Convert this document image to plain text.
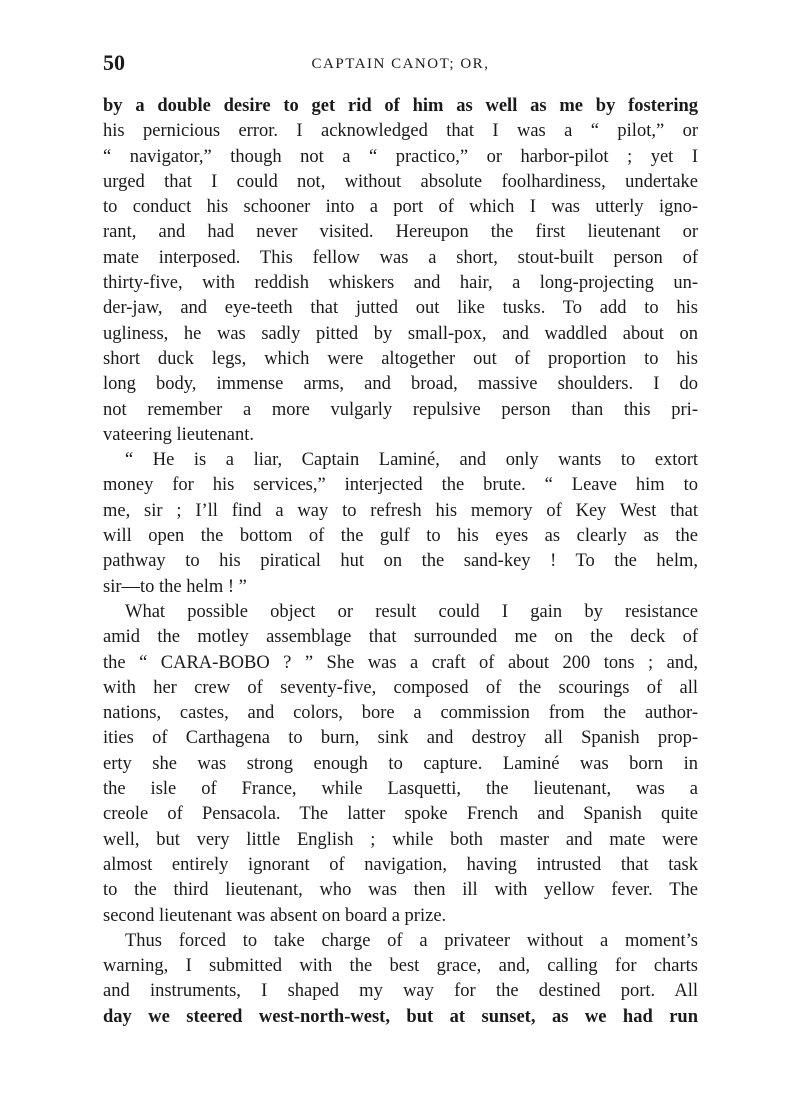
50	CAPTAIN CANOT; OR,
by a double desire to get rid of him as well as me by fostering
his pernicious error. I acknowledged that I was a “ pilot,” or
“ navigator,” though not a “ practico,” or harbor-pilot ; yet I
urged that I could not, without absolute foolhardiness, undertake
to conduct his schooner into a port of which I was utterly igno-
rant, and had never visited. Hereupon the first lieutenant or
mate interposed. This fellow was a short, stout-built person of
thirty-five, with reddish whiskers and hair, a long-projecting un-
der-jaw, and eye-teeth that jutted out like tusks. To add to his
ugliness, he was sadly pitted by small-pox, and waddled about on
short duck legs, which were altogether out of proportion to his
long body, immense arms, and broad, massive shoulders. I do
not remember a more vulgarly repulsive person than this pri-
vateering lieutenant.
“ He is a liar, Captain Laminé, and only wants to extort
money for his services,” interjected the brute. “ Leave him to
me, sir ; I’ll find a way to refresh his memory of Key West that
will open the bottom of the gulf to his eyes as clearly as the
pathway to his piratical hut on the sand-key ! To the helm,
sir—to the helm ! ”
What possible object or result could I gain by resistance
amid the motley assemblage that surrounded me on the deck of
the “ CARA-BOBO ? ” She was a craft of about 200 tons ; and,
with her crew of seventy-five, composed of the scourings of all
nations, castes, and colors, bore a commission from the author-
ities of Carthagena to burn, sink and destroy all Spanish prop-
erty she was strong enough to capture. Laminé was born in
the isle of France, while Lasquetti, the lieutenant, was a
creole of Pensacola. The latter spoke French and Spanish quite
well, but very little English ; while both master and mate were
almost entirely ignorant of navigation, having intrusted that task
to the third lieutenant, who was then ill with yellow fever. The
second lieutenant was absent on board a prize.
Thus forced to take charge of a privateer without a moment’s
warning, I submitted with the best grace, and, calling for charts
and instruments, I shaped my way for the destined port. All
day we steered west-north-west, but at sunset, as we had run
